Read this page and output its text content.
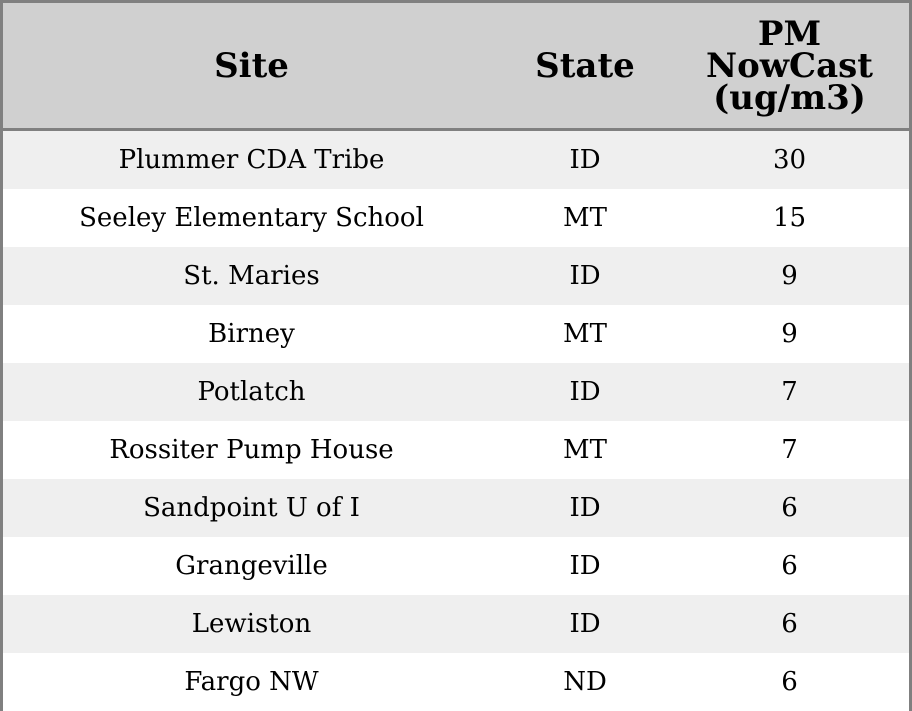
Site	State	PM
NowCast
(ug/m3)
Plummer CDA Tribe	ID	30
Seeley Elementary School	MT	15
St. Maries	ID	9
Birney	MT	9
Potlatch	ID	7
Rossiter Pump House	MT	7
Sandpoint U of I	ID	6
Grangeville	ID	6
Lewiston	ID	6
Fargo NW	ND	6
